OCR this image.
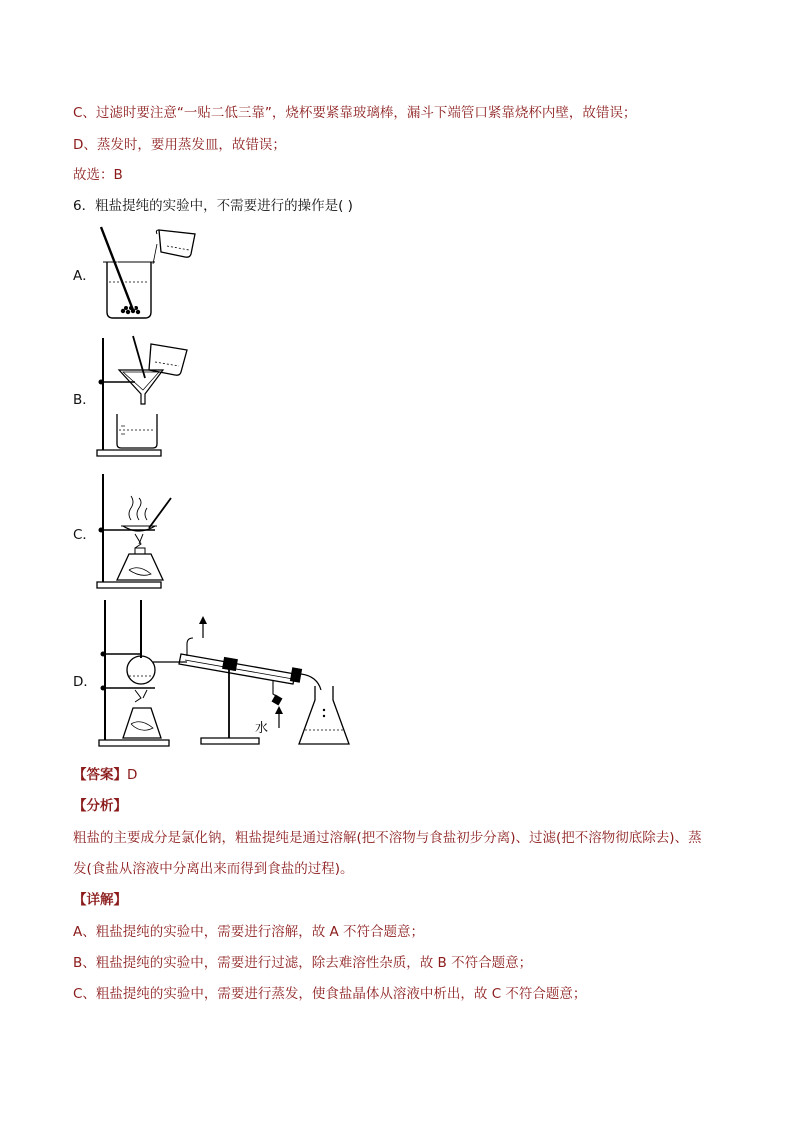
C、过滤时要注意“一贴二低三靠”，烧杯要紧靠玻璃棒，漏斗下端管口紧靠烧杯内壁，故错误；
D、蒸发时，要用蒸发皿，故错误；
故选：B
6．粗盐提纯的实验中，不需要进行的操作是( )
A．
B．
C．
D．
水
【答案】D
【分析】
粗盐的主要成分是氯化钠，粗盐提纯是通过溶解(把不溶物与食盐初步分离)、过滤(把不溶物彻底除去)、蒸
发(食盐从溶液中分离出来而得到食盐的过程)。
【详解】
A、粗盐提纯的实验中，需要进行溶解，故 A 不符合题意；
B、粗盐提纯的实验中，需要进行过滤，除去难溶性杂质，故 B 不符合题意；
C、粗盐提纯的实验中，需要进行蒸发，使食盐晶体从溶液中析出，故 C 不符合题意；
